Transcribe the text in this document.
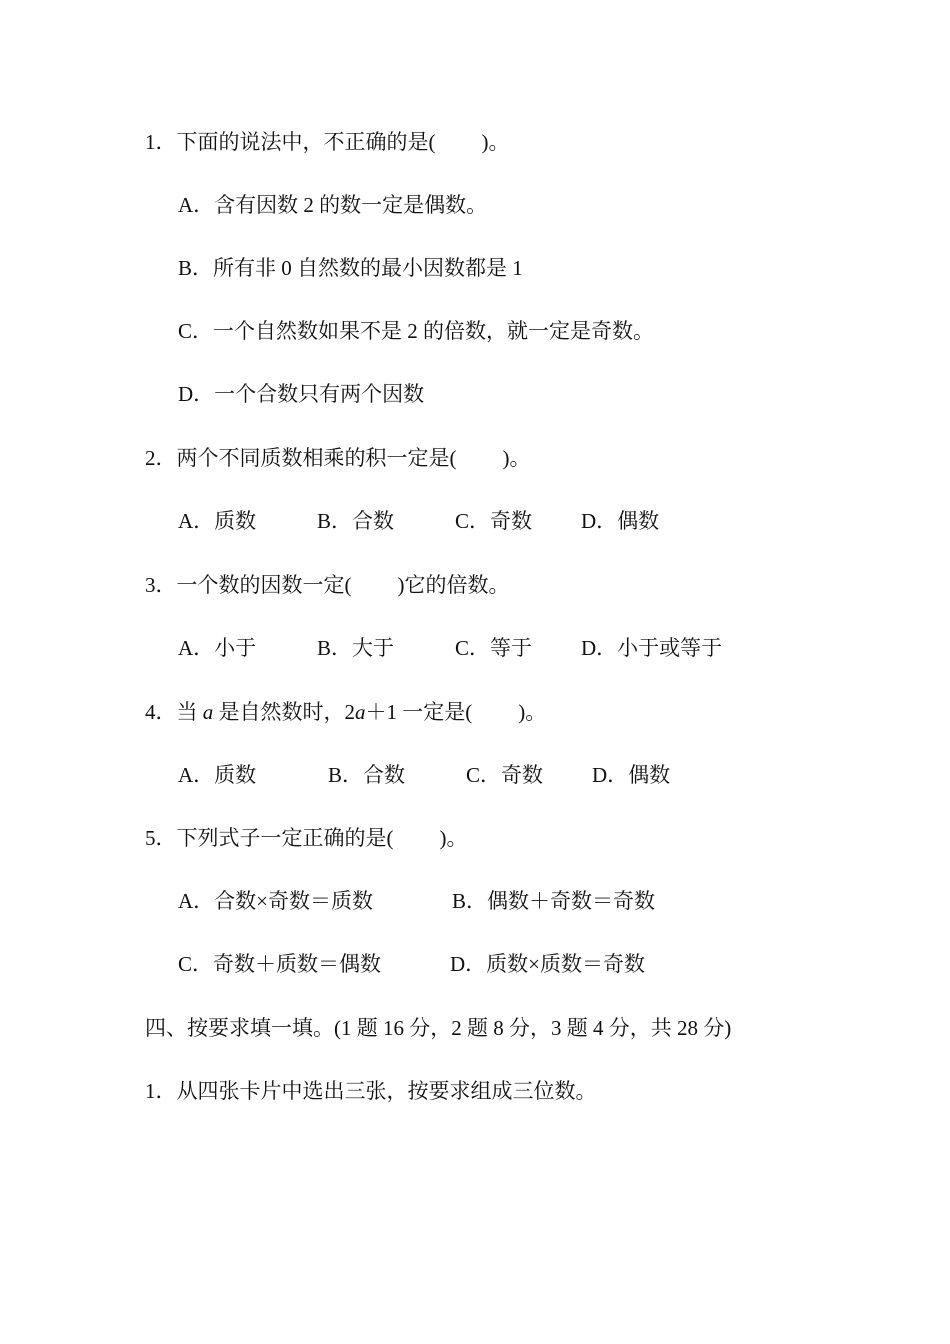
1．下面的说法中，不正确的是( )。
A．含有因数 2 的数一定是偶数。
B．所有非 0 自然数的最小因数都是 1
C．一个自然数如果不是 2 的倍数，就一定是奇数。
D．一个合数只有两个因数
2．两个不同质数相乘的积一定是( )。
A．质数	B．合数	C．奇数 D．偶数
3．一个数的因数一定( )它的倍数。
A．小于	B．大于	C．等于 D．小于或等于
4．当 a 是自然数时，2a＋1 一定是( )。
A．质数	B．合数	C．奇数 D．偶数
5．下列式子一定正确的是( )。
A．合数×奇数＝质数	B．偶数＋奇数＝奇数
C．奇数＋质数＝偶数	D．质数×质数＝奇数
四、按要求填一填。(1 题 16 分，2 题 8 分，3 题 4 分，共 28 分)
1．从四张卡片中选出三张，按要求组成三位数。
